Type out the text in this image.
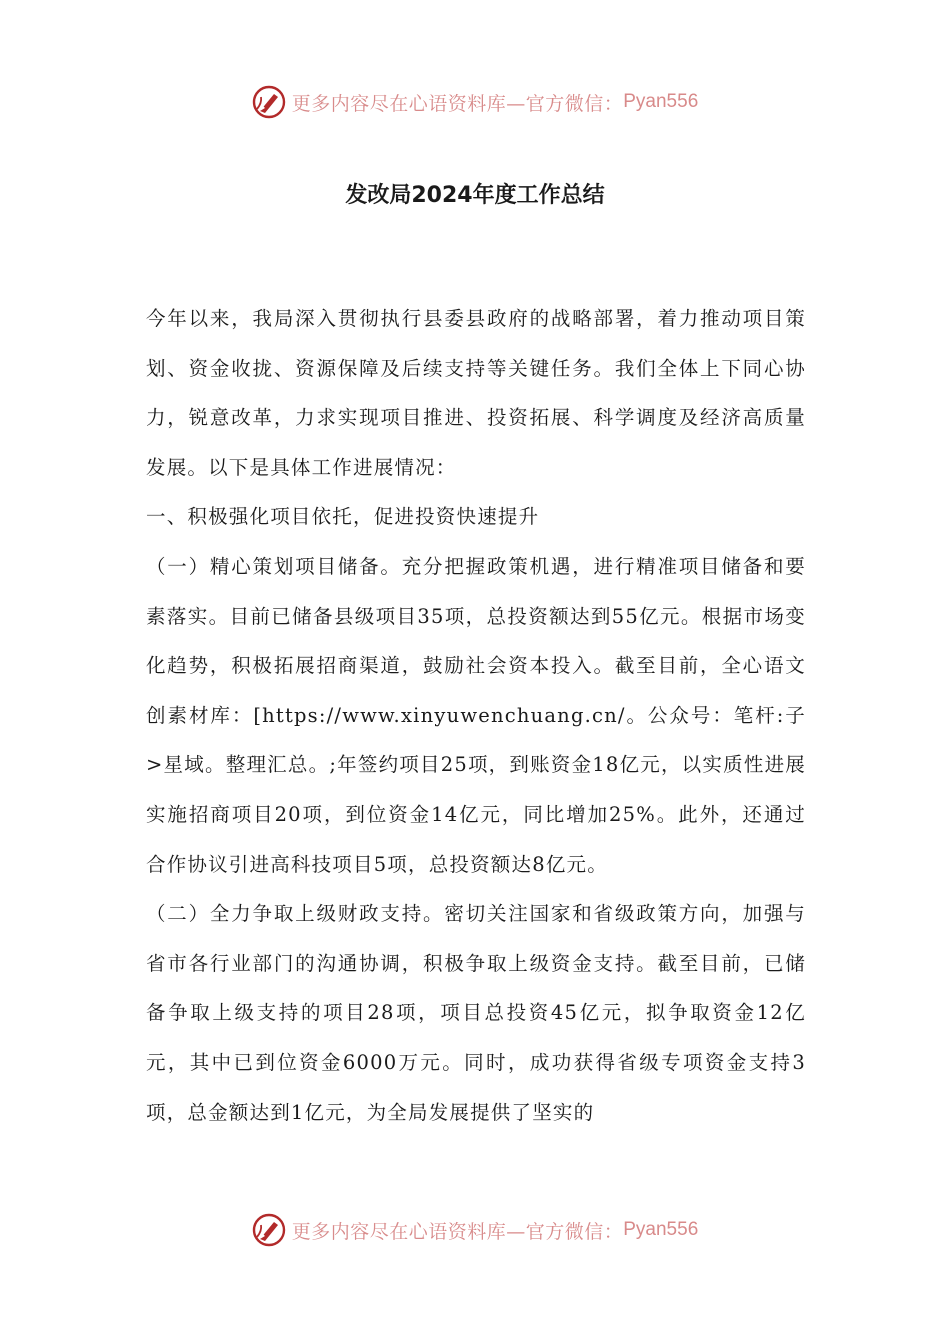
更多内容尽在心语资料库—官方微信： Pyan556
发改局2024年度工作总结

今年以来，我局深入贯彻执行县委县政府的战略部署，着力推动项目策划、资金收拢、资源保障及后续支持等关键任务。我们全体上下同心协力，锐意改革，力求实现项目推进、投资拓展、科学调度及经济高质量发展。以下是具体工作进展情况：

一、积极强化项目依托，促进投资快速提升

（一）精心策划项目储备。充分把握政策机遇，进行精准项目储备和要素落实。目前已储备县级项目35项，总投资额达到55亿元。根据市场变化趋势，积极拓展招商渠道，鼓励社会资本投入。截至目前，全心语文创素材库：[https://www.xinyuwenchuang.cn/。公众号：笔杆:子>星域。整理汇总。;年签约项目25项，到账资金18亿元，以实质性进展实施招商项目20项，到位资金14亿元，同比增加25%。此外，还通过合作协议引进高科技项目5项，总投资额达8亿元。

（二）全力争取上级财政支持。密切关注国家和省级政策方向，加强与省市各行业部门的沟通协调，积极争取上级资金支持。截至目前，已储备争取上级支持的项目28项，项目总投资45亿元，拟争取资金12亿元，其中已到位资金6000万元。同时，成功获得省级专项资金支持3项，总金额达到1亿元，为全局发展提供了坚实的

更多内容尽在心语资料库—官方微信： Pyan556
